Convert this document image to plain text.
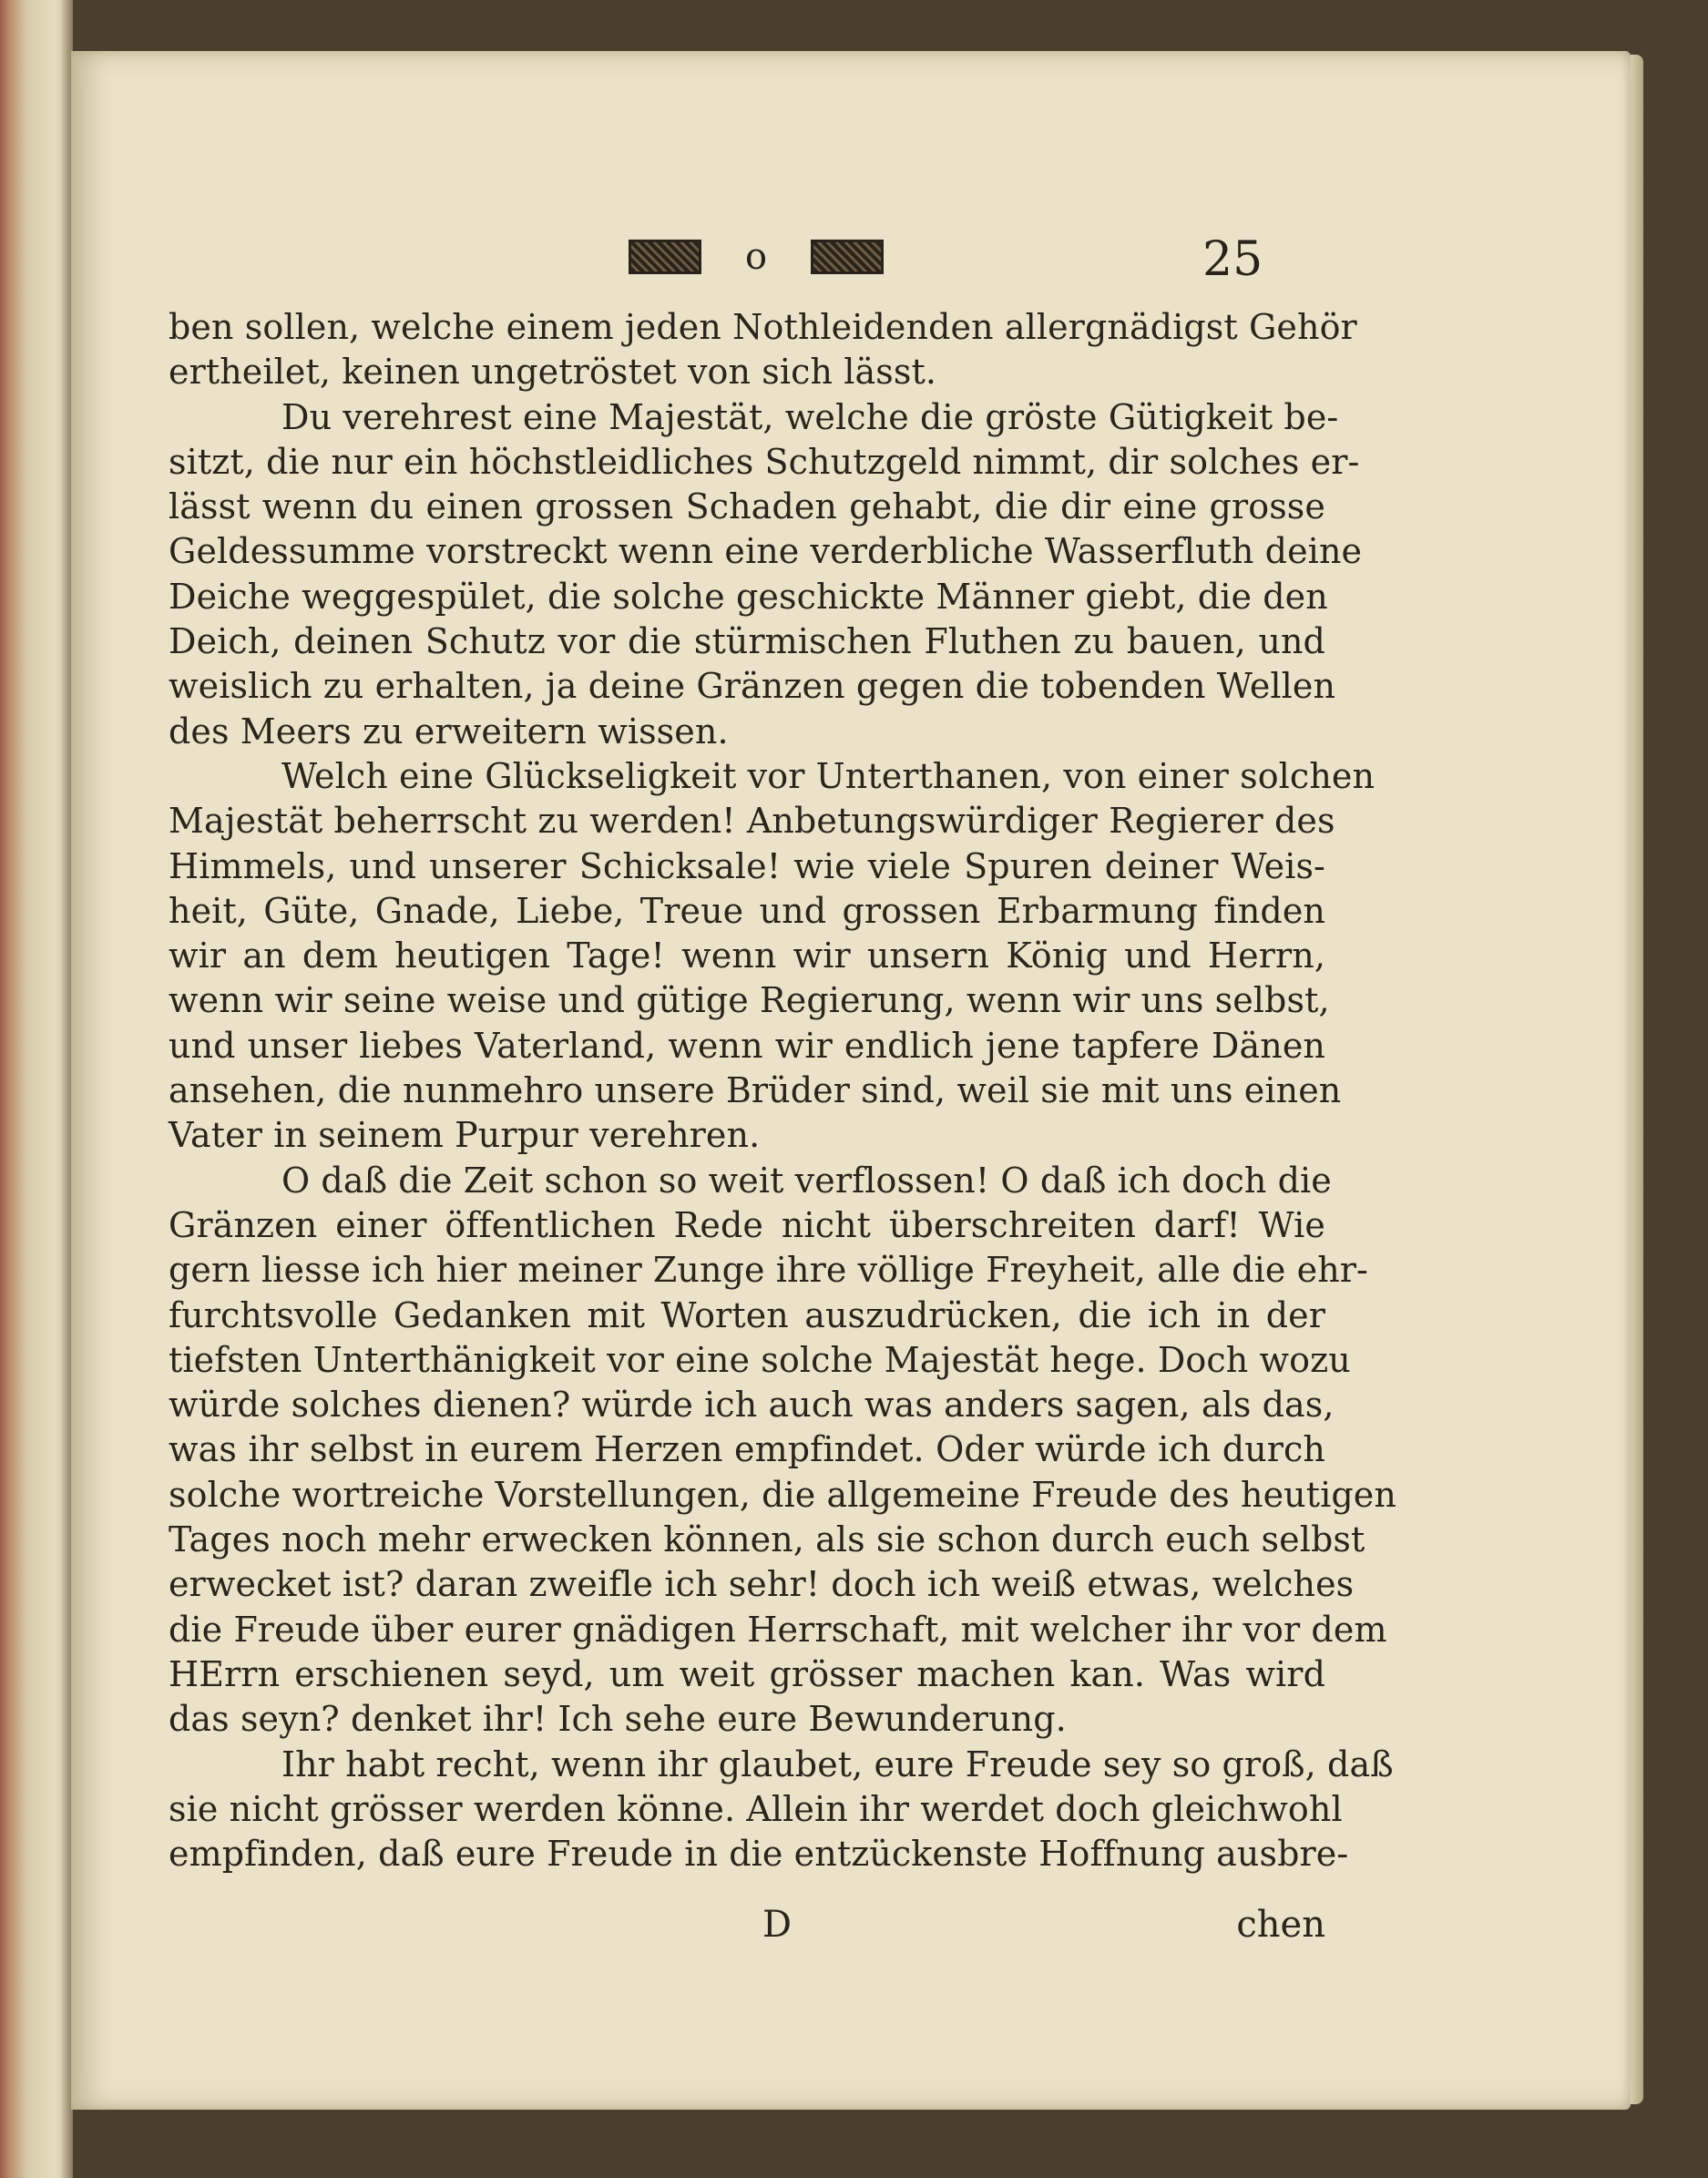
o	25
ben sollen, welche einem jeden Nothleidenden allergnädigst Gehör
ertheilet, keinen ungetröstet von sich lässt.
Du verehrest eine Majestät, welche die gröste Gütigkeit be-
sitzt, die nur ein höchstleidliches Schutzgeld nimmt, dir solches er-
lässt wenn du einen grossen Schaden gehabt, die dir eine grosse
Geldessumme vorstreckt wenn eine verderbliche Wasserfluth deine
Deiche weggespület, die solche geschickte Männer giebt, die den
Deich, deinen Schutz vor die stürmischen Fluthen zu bauen, und
weislich zu erhalten, ja deine Gränzen gegen die tobenden Wellen
des Meers zu erweitern wissen.
Welch eine Glückseligkeit vor Unterthanen, von einer solchen
Majestät beherrscht zu werden! Anbetungswürdiger Regierer des
Himmels, und unserer Schicksale! wie viele Spuren deiner Weis-
heit, Güte, Gnade, Liebe, Treue und grossen Erbarmung finden
wir an dem heutigen Tage! wenn wir unsern König und Herrn,
wenn wir seine weise und gütige Regierung, wenn wir uns selbst,
und unser liebes Vaterland, wenn wir endlich jene tapfere Dänen
ansehen, die nunmehro unsere Brüder sind, weil sie mit uns einen
Vater in seinem Purpur verehren.
O daß die Zeit schon so weit verflossen! O daß ich doch die
Gränzen einer öffentlichen Rede nicht überschreiten darf! Wie
gern liesse ich hier meiner Zunge ihre völlige Freyheit, alle die ehr-
furchtsvolle Gedanken mit Worten auszudrücken, die ich in der
tiefsten Unterthänigkeit vor eine solche Majestät hege. Doch wozu
würde solches dienen? würde ich auch was anders sagen, als das,
was ihr selbst in eurem Herzen empfindet. Oder würde ich durch
solche wortreiche Vorstellungen, die allgemeine Freude des heutigen
Tages noch mehr erwecken können, als sie schon durch euch selbst
erwecket ist? daran zweifle ich sehr! doch ich weiß etwas, welches
die Freude über eurer gnädigen Herrschaft, mit welcher ihr vor dem
HErrn erschienen seyd, um weit grösser machen kan. Was wird
das seyn? denket ihr! Ich sehe eure Bewunderung.
Ihr habt recht, wenn ihr glaubet, eure Freude sey so groß, daß
sie nicht grösser werden könne. Allein ihr werdet doch gleichwohl
empfinden, daß eure Freude in die entzückenste Hoffnung ausbre-
D	chen
